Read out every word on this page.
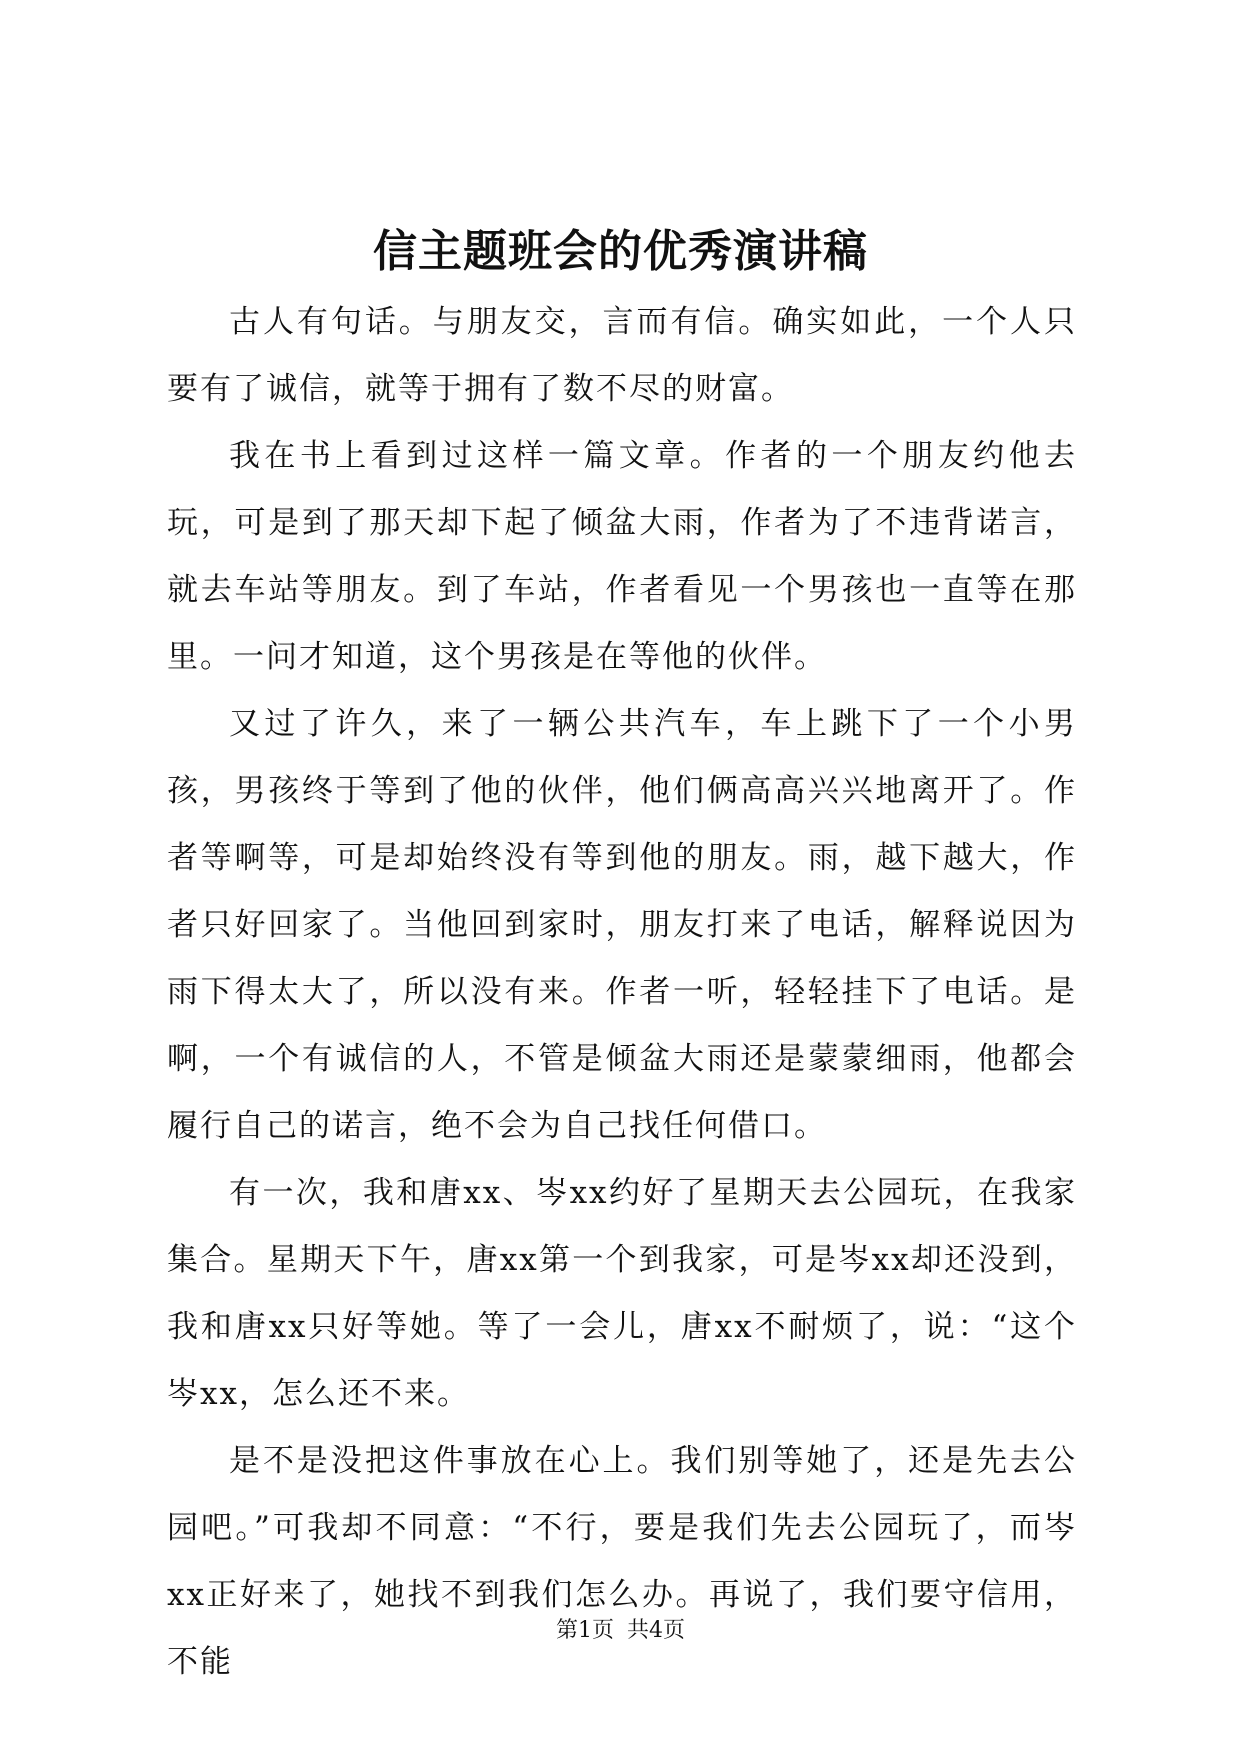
信主题班会的优秀演讲稿

古人有句话。与朋友交，言而有信。确实如此，一个人只要有了诚信，就等于拥有了数不尽的财富。

我在书上看到过这样一篇文章。作者的一个朋友约他去玩，可是到了那天却下起了倾盆大雨，作者为了不违背诺言，就去车站等朋友。到了车站，作者看见一个男孩也一直等在那里。一问才知道，这个男孩是在等他的伙伴。

又过了许久，来了一辆公共汽车，车上跳下了一个小男孩，男孩终于等到了他的伙伴，他们俩高高兴兴地离开了。作者等啊等，可是却始终没有等到他的朋友。雨，越下越大，作者只好回家了。当他回到家时，朋友打来了电话，解释说因为雨下得太大了，所以没有来。作者一听，轻轻挂下了电话。是啊，一个有诚信的人，不管是倾盆大雨还是蒙蒙细雨，他都会履行自己的诺言，绝不会为自己找任何借口。

有一次，我和唐xx、岑xx约好了星期天去公园玩，在我家集合。星期天下午，唐xx第一个到我家，可是岑xx却还没到，我和唐xx只好等她。等了一会儿，唐xx不耐烦了，说：“这个岑xx，怎么还不来。

是不是没把这件事放在心上。我们别等她了，还是先去公园吧。”可我却不同意：“不行，要是我们先去公园玩了，而岑xx正好来了，她找不到我们怎么办。再说了，我们要守信用，不能

第1页 共4页
